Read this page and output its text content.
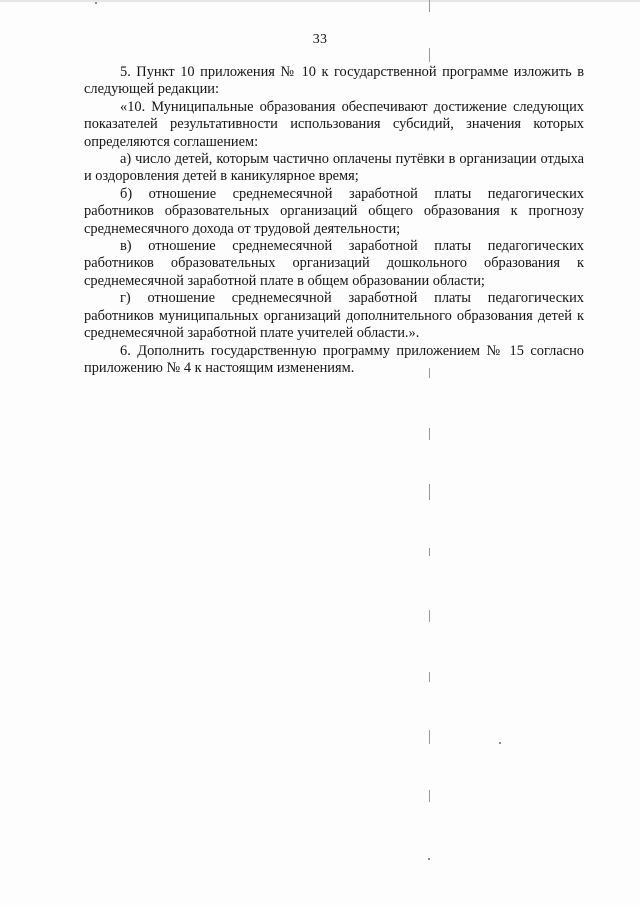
33

5. Пункт 10 приложения № 10 к государственной программе изложить в следующей редакции:

«10. Муниципальные образования обеспечивают достижение следующих показателей результативности использования субсидий, значения которых определяются соглашением:

а) число детей, которым частично оплачены путёвки в организации отдыха и оздоровления детей в каникулярное время;

б) отношение среднемесячной заработной платы педагогических работников образовательных организаций общего образования к прогнозу среднемесячного дохода от трудовой деятельности;

в) отношение среднемесячной заработной платы педагогических работников образовательных организаций дошкольного образования к среднемесячной заработной плате в общем образовании области;

г) отношение среднемесячной заработной платы педагогических работников муниципальных организаций дополнительного образования детей к среднемесячной заработной плате учителей области.».

6. Дополнить государственную программу приложением № 15 согласно приложению № 4 к настоящим изменениям.
